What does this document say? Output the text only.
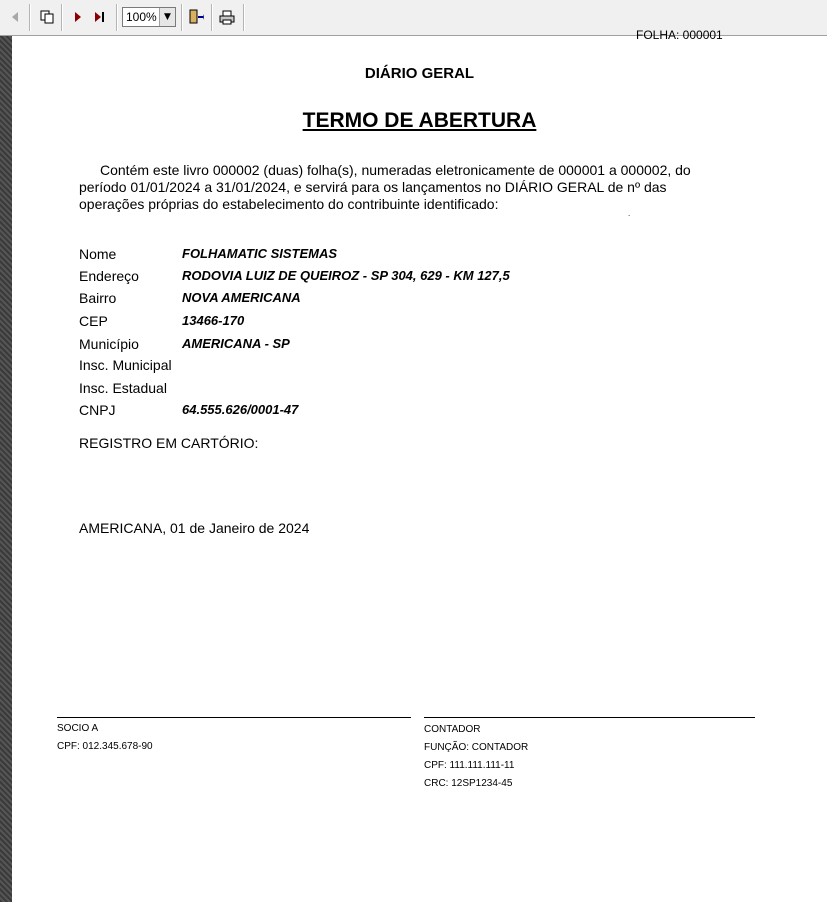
100% ▼
FOLHA: 000001
DIÁRIO GERAL
TERMO DE ABERTURA

Contém este livro 000002 (duas) folha(s), numeradas eletronicamente de 000001 a 000002, do

período 01/01/2024 a 31/01/2024, e servirá para os lançamentos no DIÁRIO GERAL de nº das

operações próprias do estabelecimento do contribuinte identificado:

.
Nome	FOLHAMATIC SISTEMAS
Endereço	RODOVIA LUIZ DE QUEIROZ - SP 304, 629 - KM 127,5
Bairro	NOVA AMERICANA
CEP	13466-170
Município	AMERICANA - SP
Insc. Municipal
Insc. Estadual
CNPJ	64.555.626/0001-47
REGISTRO EM CARTÓRIO:
AMERICANA, 01 de Janeiro de 2024
SOCIO A
CPF: 012.345.678-90
CONTADOR
FUNÇÃO: CONTADOR
CPF: 111.111.111-11
CRC: 12SP1234-45
